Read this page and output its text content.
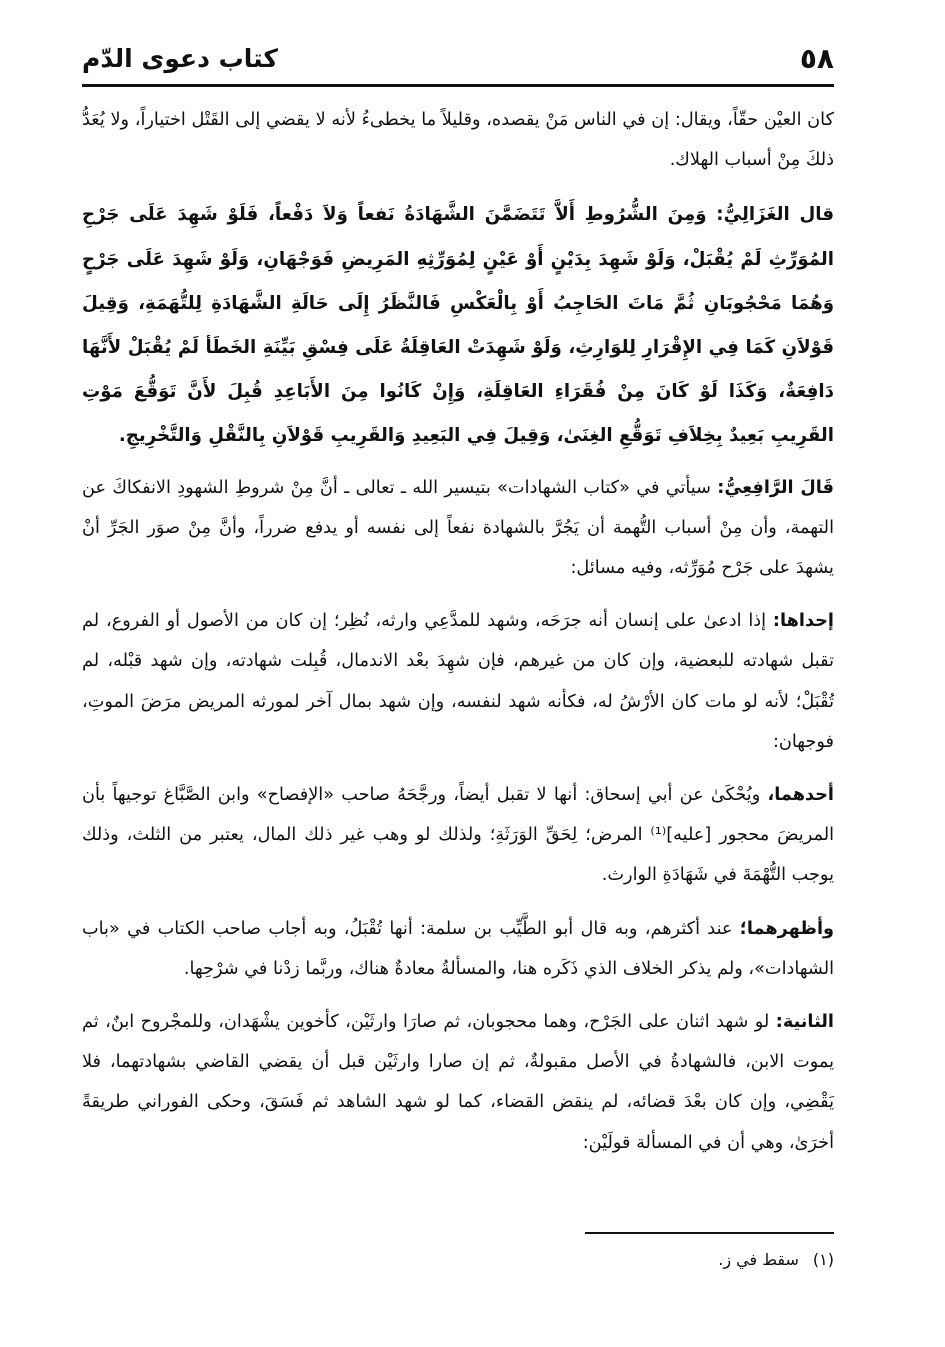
٥٨
كتاب دعوى الدّم

كان العيْن حقّاً، ويقال: إن في الناس مَنْ يقصده، وقليلاً ما يخطىءُ لأنه لا يقضي إلى القَتْل اختياراً، ولا يُعَدُّ ذلكَ مِنْ أسباب الهلاك.

قال الغَزَالِيُّ: وَمِنَ الشُّرُوطِ أَلاَّ تَتَضَمَّنَ الشَّهَادَةُ نَفعاً وَلاَ دَفْعاً، فَلَوْ شَهِدَ عَلَى جَرْحِ المُوَرِّثِ لَمْ يُقْبَلْ، وَلَوْ شَهِدَ بِدَيْنٍ أَوْ عَيْنٍ لِمُوَرِّثِهِ المَرِيضِ فَوَجْهَانِ، وَلَوْ شَهِدَ عَلَى جَرْحٍ وَهُمَا مَحْجُوبَانِ ثُمَّ مَاتَ الحَاجِبُ أَوْ بِالْعَكْسِ فَالنَّظَرُ إِلَى حَالَةِ الشَّهَادَةِ لِلتُّهَمَةِ، وَقِيلَ قَوْلاَنِ كَمَا فِي الإِقْرَارِ لِلوَارِثِ، وَلَوْ شَهِدَتْ العَاقِلَةُ عَلَى فِسْقِ بَيِّنَةِ الخَطَأ لَمْ يُقْبَلْ لأَنَّهَا دَافِعَةٌ، وَكَذَا لَوْ كَانَ مِنْ فُقَرَاءِ العَاقِلَةِ، وَإِنْ كَانُوا مِنَ الأَبَاعِدِ قُبِلَ لأَنَّ تَوَقُّعَ مَوْتِ القَرِيبِ بَعِيدٌ بِخِلاَفِ تَوَقُّعِ الغِنَىٰ، وَقِيلَ فِي البَعِيدِ وَالقَرِيبِ قَوْلاَنِ بِالنَّقْلِ وَالتَّخْرِيجِ.

قَالَ الرَّافِعِيُّ: سيأتي في «كتاب الشهادات» بتيسير الله ـ تعالى ـ أنَّ مِنْ شروطِ الشهودِ الانفكاكَ عن التهمة، وأن مِنْ أسباب التُّهمة أن يَجُرَّ بالشهادة نفعاً إلى نفسه أو يدفع ضرراً، وأنَّ مِنْ صوَر الجَرِّ أنْ يشهدَ على جَرْح مُوَرِّثه، وفيه مسائل:

إحداها: إذا ادعىٰ على إنسان أنه جرَحَه، وشهد للمدَّعِي وارثه، نُظِر؛ إن كان من الأصول أو الفروع، لم تقبل شهادته للبعضية، وإن كان من غيرهم، فإن شهِدَ بعْد الاندمال، قُبِلت شهادته، وإن شهد قبْله، لم تُقْبَلْ؛ لأنه لو مات كان الأرْشُ له، فكأنه شهد لنفسه، وإن شهد بمال آخر لمورثه المريض مرَضَ الموتِ، فوجهان:

أحدهما، ويُحْكَىٰ عن أبي إسحاق: أنها لا تقبل أيضاً، ورجَّحَهُ صاحب «الإفصاح» وابن الصَّبَّاغ توجيهاً بأن المريضَ محجور [عليه]⁽¹⁾ المرض؛ لِحَقِّ الوَرَثَةِ؛ ولذلك لو وهب غير ذلك المال، يعتبر من الثلث، وذلك يوجب التُّهْمَةَ في شَهَادَةِ الوارث.

وأظهرهما؛ عند أكثرهم، وبه قال أبو الطَّيِّب بن سلمة: أنها تُقْبَلُ، وبه أجاب صاحب الكتاب في «باب الشهادات»، ولم يذكر الخلاف الذي ذَكَره هنا، والمسألةُ معادةٌ هناك، وربَّما زدْنا في شرْحِها.

الثانية: لو شهد اثنان على الجَرْح، وهما محجوبان، ثم صارَا وارثَيْن، كأخوين يشْهَدان، وللمجْروح ابنٌ، ثم يموت الابن، فالشهادةُ في الأصل مقبولةٌ، ثم إن صارا وارثَيْن قبل أن يقضي القاضي بشهادتهما، فلا يَقْضِي، وإن كان بعْدَ قضائه، لم ينقض القضاء، كما لو شهد الشاهد ثم فَسَقَ، وحكى الفوراني طريقةً أخرَىٰ، وهي أن في المسألة قولَيْن:

(١)سقط في ز.
